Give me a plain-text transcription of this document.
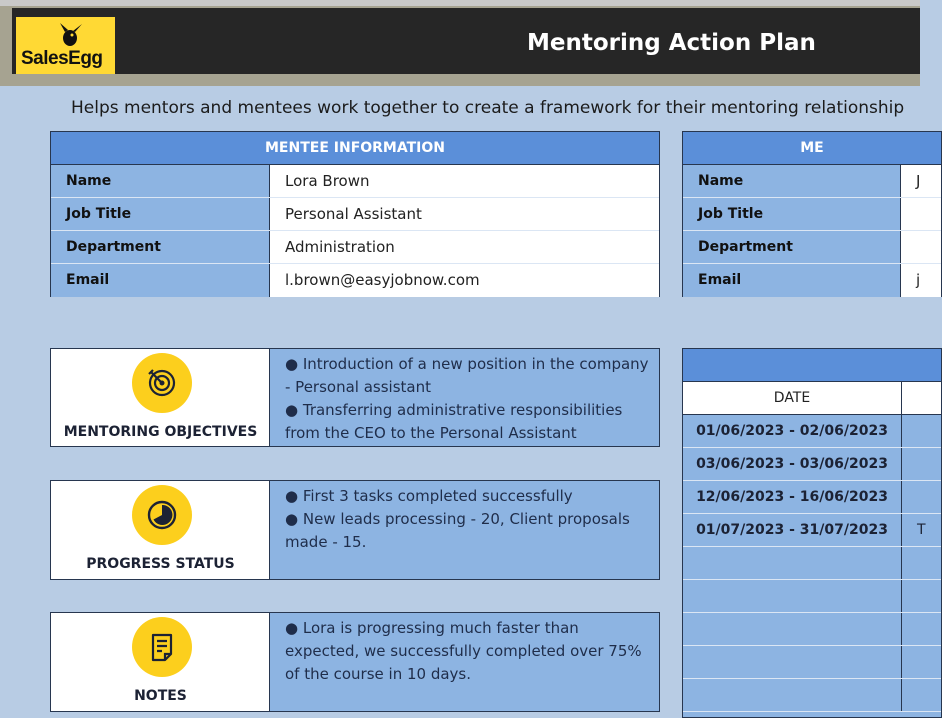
SalesEgg
Mentoring Action Plan
Helps mentors and mentees work together to create a framework for their mentoring relationship
MENTEE INFORMATION
Name	Lora Brown
Job Title	Personal Assistant
Department	Administration
Email	l.brown@easyjobnow.com
ME
Name	J
Job Title
Department
Email	j
MENTORING OBJECTIVES

● Introduction of a new position in the company - Personal assistant

● Transferring administrative responsibilities from the CEO to the Personal Assistant

PROGRESS STATUS

● First 3 tasks completed successfully

● New leads processing - 20, Client proposals made - 15.

NOTES

● Lora is progressing much faster than expected, we successfully completed over 75% of the course in 10 days.

DATE
01/06/2023 - 02/06/2023
03/06/2023 - 03/06/2023
12/06/2023 - 16/06/2023
01/07/2023 - 31/07/2023	T
